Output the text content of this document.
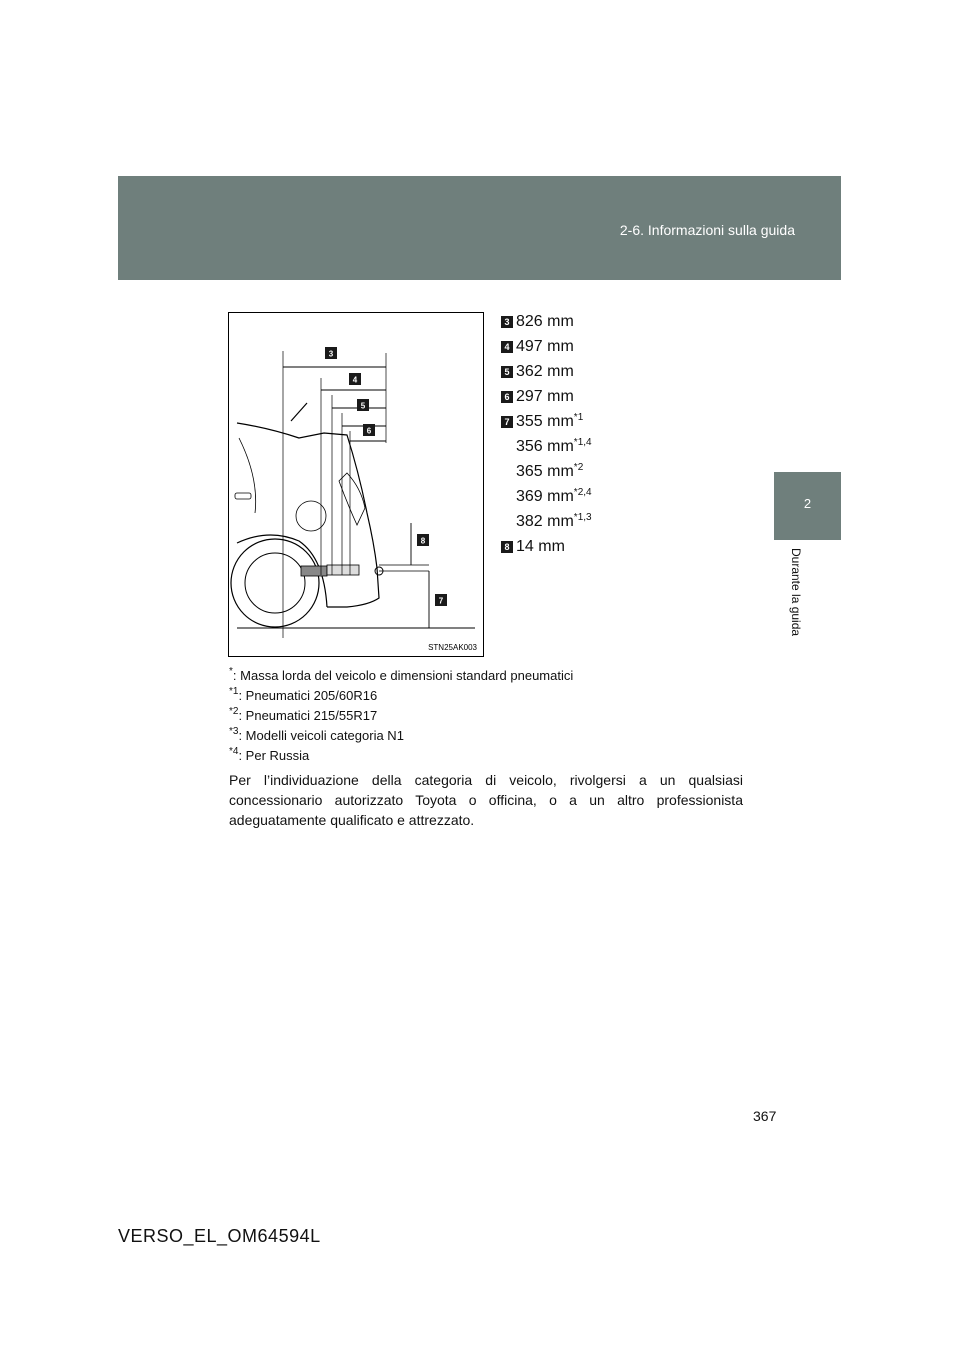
2-6. Informazioni sulla guida
2
Durante la guida
3
4
5
6
7
8
STN25AK003
3 826 mm
4 497 mm
5 362 mm
6 297 mm
7 355 $mm^{*1}$
356 mm$^{*1,4}$
365 $mm^{*2}$
369 mm$^{*2,4}$
382 mm$^{*1,3}$
8 14 mm
*: Massa lorda del veicolo e dimensioni standard pneumatici
$^{*1}$: Pneumatici 205/60R16
$^{*2}$: Pneumatici 215/55R17
$^{*3}$: Modelli veicoli categoria N1
$^{*4}$: Per Russia
Per l’individuazione della categoria di veicolo, rivolgersi a un qualsiasi concessionario autorizzato Toyota o officina, o a un altro professionista adeguatamente qualificato e attrezzato.
367
VERSO_EL_OM64594L
